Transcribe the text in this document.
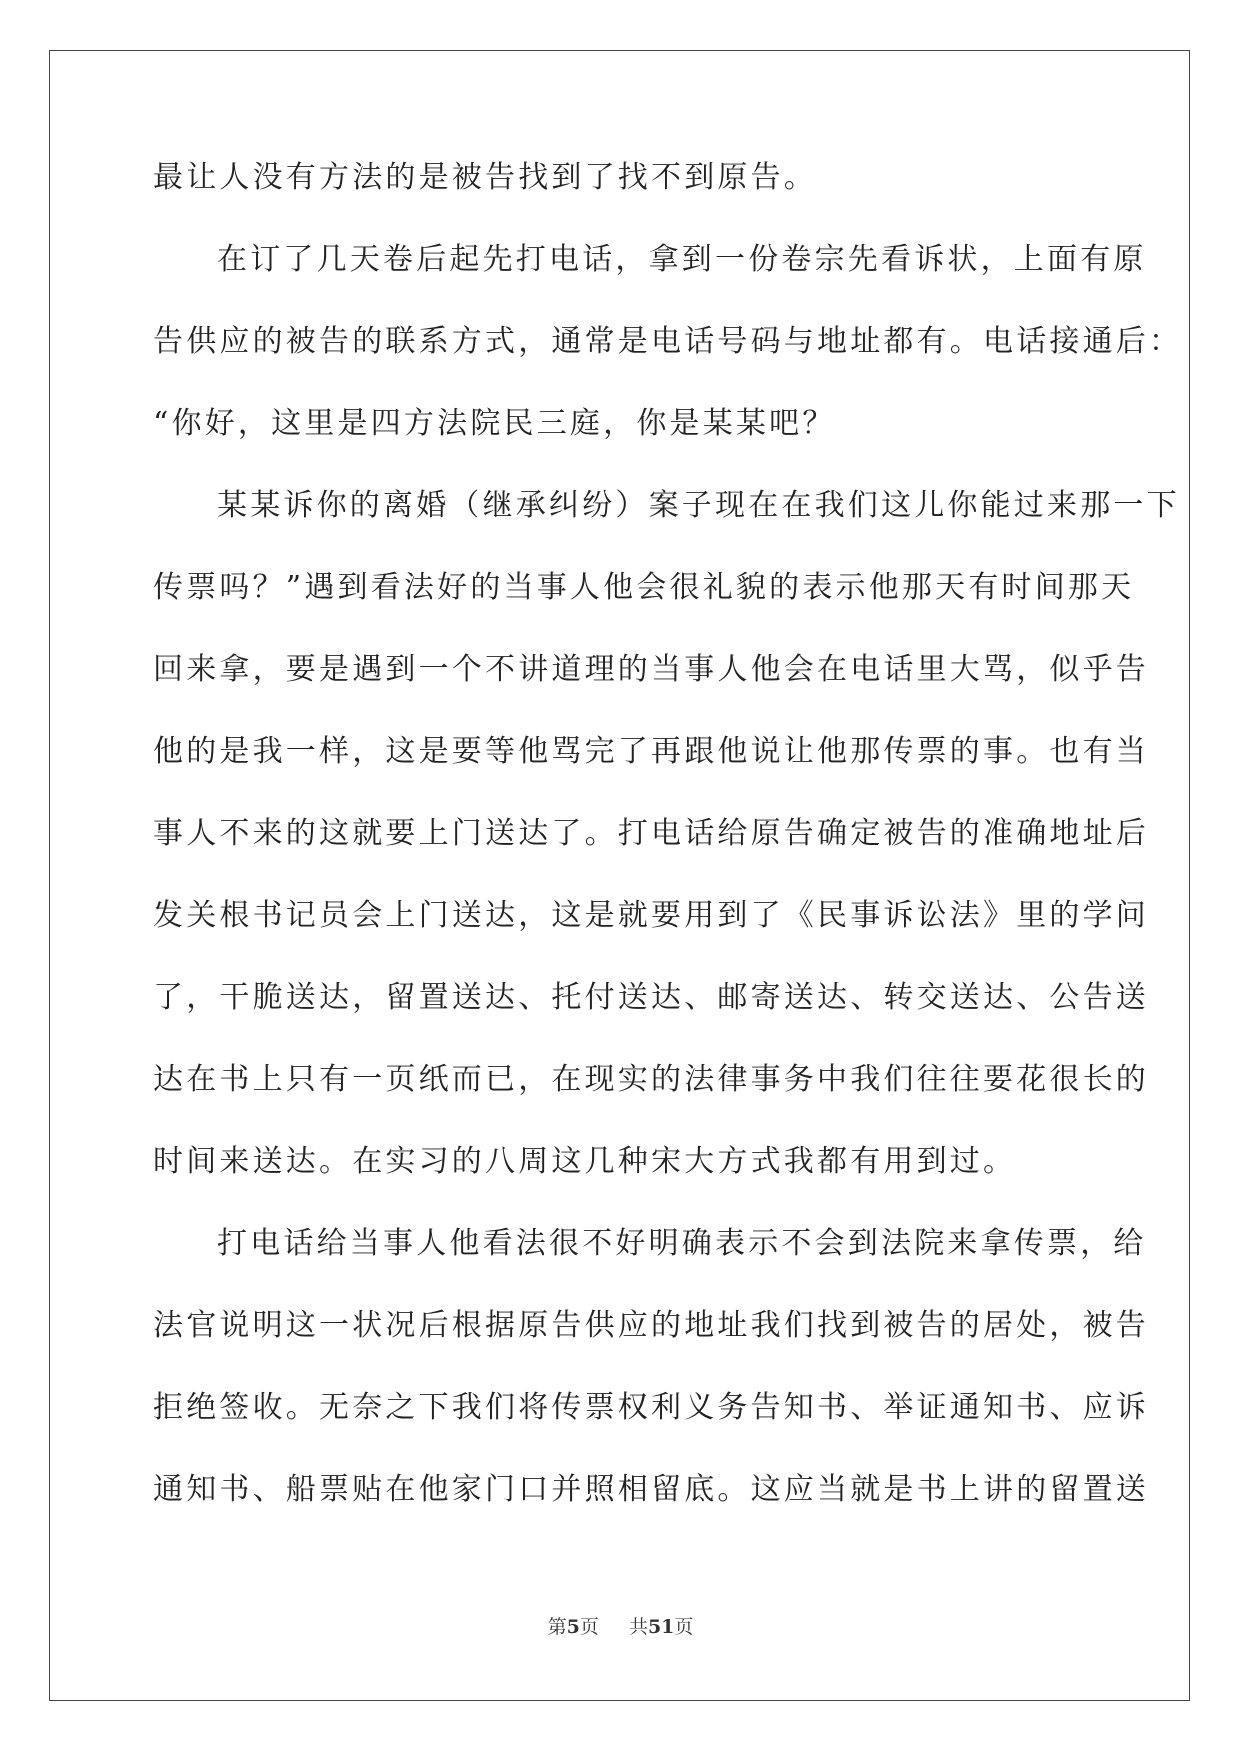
最让人没有方法的是被告找到了找不到原告。
在订了几天卷后起先打电话，拿到一份卷宗先看诉状，上面有原
告供应的被告的联系方式，通常是电话号码与地址都有。电话接通后：
“你好，这里是四方法院民三庭，你是某某吧？
某某诉你的离婚（继承纠纷）案子现在在我们这儿你能过来那一下
传票吗？”遇到看法好的当事人他会很礼貌的表示他那天有时间那天
回来拿，要是遇到一个不讲道理的当事人他会在电话里大骂，似乎告
他的是我一样，这是要等他骂完了再跟他说让他那传票的事。也有当
事人不来的这就要上门送达了。打电话给原告确定被告的准确地址后
发关根书记员会上门送达，这是就要用到了《民事诉讼法》里的学问
了，干脆送达，留置送达、托付送达、邮寄送达、转交送达、公告送
达在书上只有一页纸而已，在现实的法律事务中我们往往要花很长的
时间来送达。在实习的八周这几种宋大方式我都有用到过。
打电话给当事人他看法很不好明确表示不会到法院来拿传票，给
法官说明这一状况后根据原告供应的地址我们找到被告的居处，被告
拒绝签收。无奈之下我们将传票权利义务告知书、举证通知书、应诉
通知书、船票贴在他家门口并照相留底。这应当就是书上讲的留置送
第5页 共51页
